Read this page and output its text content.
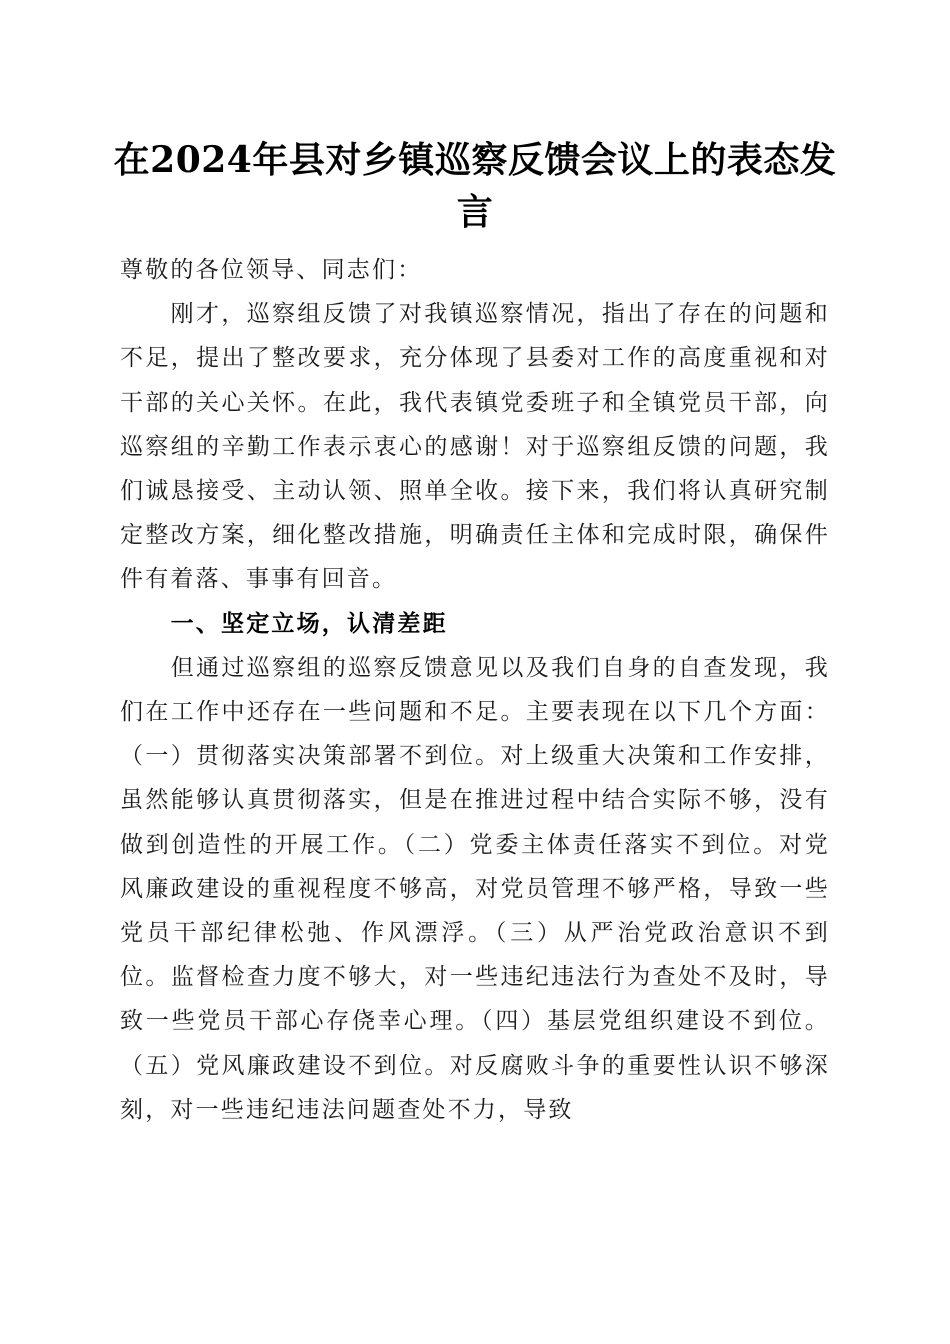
在2024年县对乡镇巡察反馈会议上的表态发言

尊敬的各位领导、同志们：

刚才，巡察组反馈了对我镇巡察情况，指出了存在的问题和不足，提出了整改要求，充分体现了县委对工作的高度重视和对干部的关心关怀。在此，我代表镇党委班子和全镇党员干部，向巡察组的辛勤工作表示衷心的感谢！对于巡察组反馈的问题，我们诚恳接受、主动认领、照单全收。接下来，我们将认真研究制定整改方案，细化整改措施，明确责任主体和完成时限，确保件件有着落、事事有回音。

一、坚定立场，认清差距

但通过巡察组的巡察反馈意见以及我们自身的自查发现，我们在工作中还存在一些问题和不足。主要表现在以下几个方面：（一）贯彻落实决策部署不到位。对上级重大决策和工作安排，虽然能够认真贯彻落实，但是在推进过程中结合实际不够，没有做到创造性的开展工作。（二）党委主体责任落实不到位。对党风廉政建设的重视程度不够高，对党员管理不够严格，导致一些党员干部纪律松弛、作风漂浮。（三）从严治党政治意识不到位。监督检查力度不够大，对一些违纪违法行为查处不及时，导致一些党员干部心存侥幸心理。（四）基层党组织建设不到位。（五）党风廉政建设不到位。对反腐败斗争的重要性认识不够深刻，对一些违纪违法问题查处不力，导致
